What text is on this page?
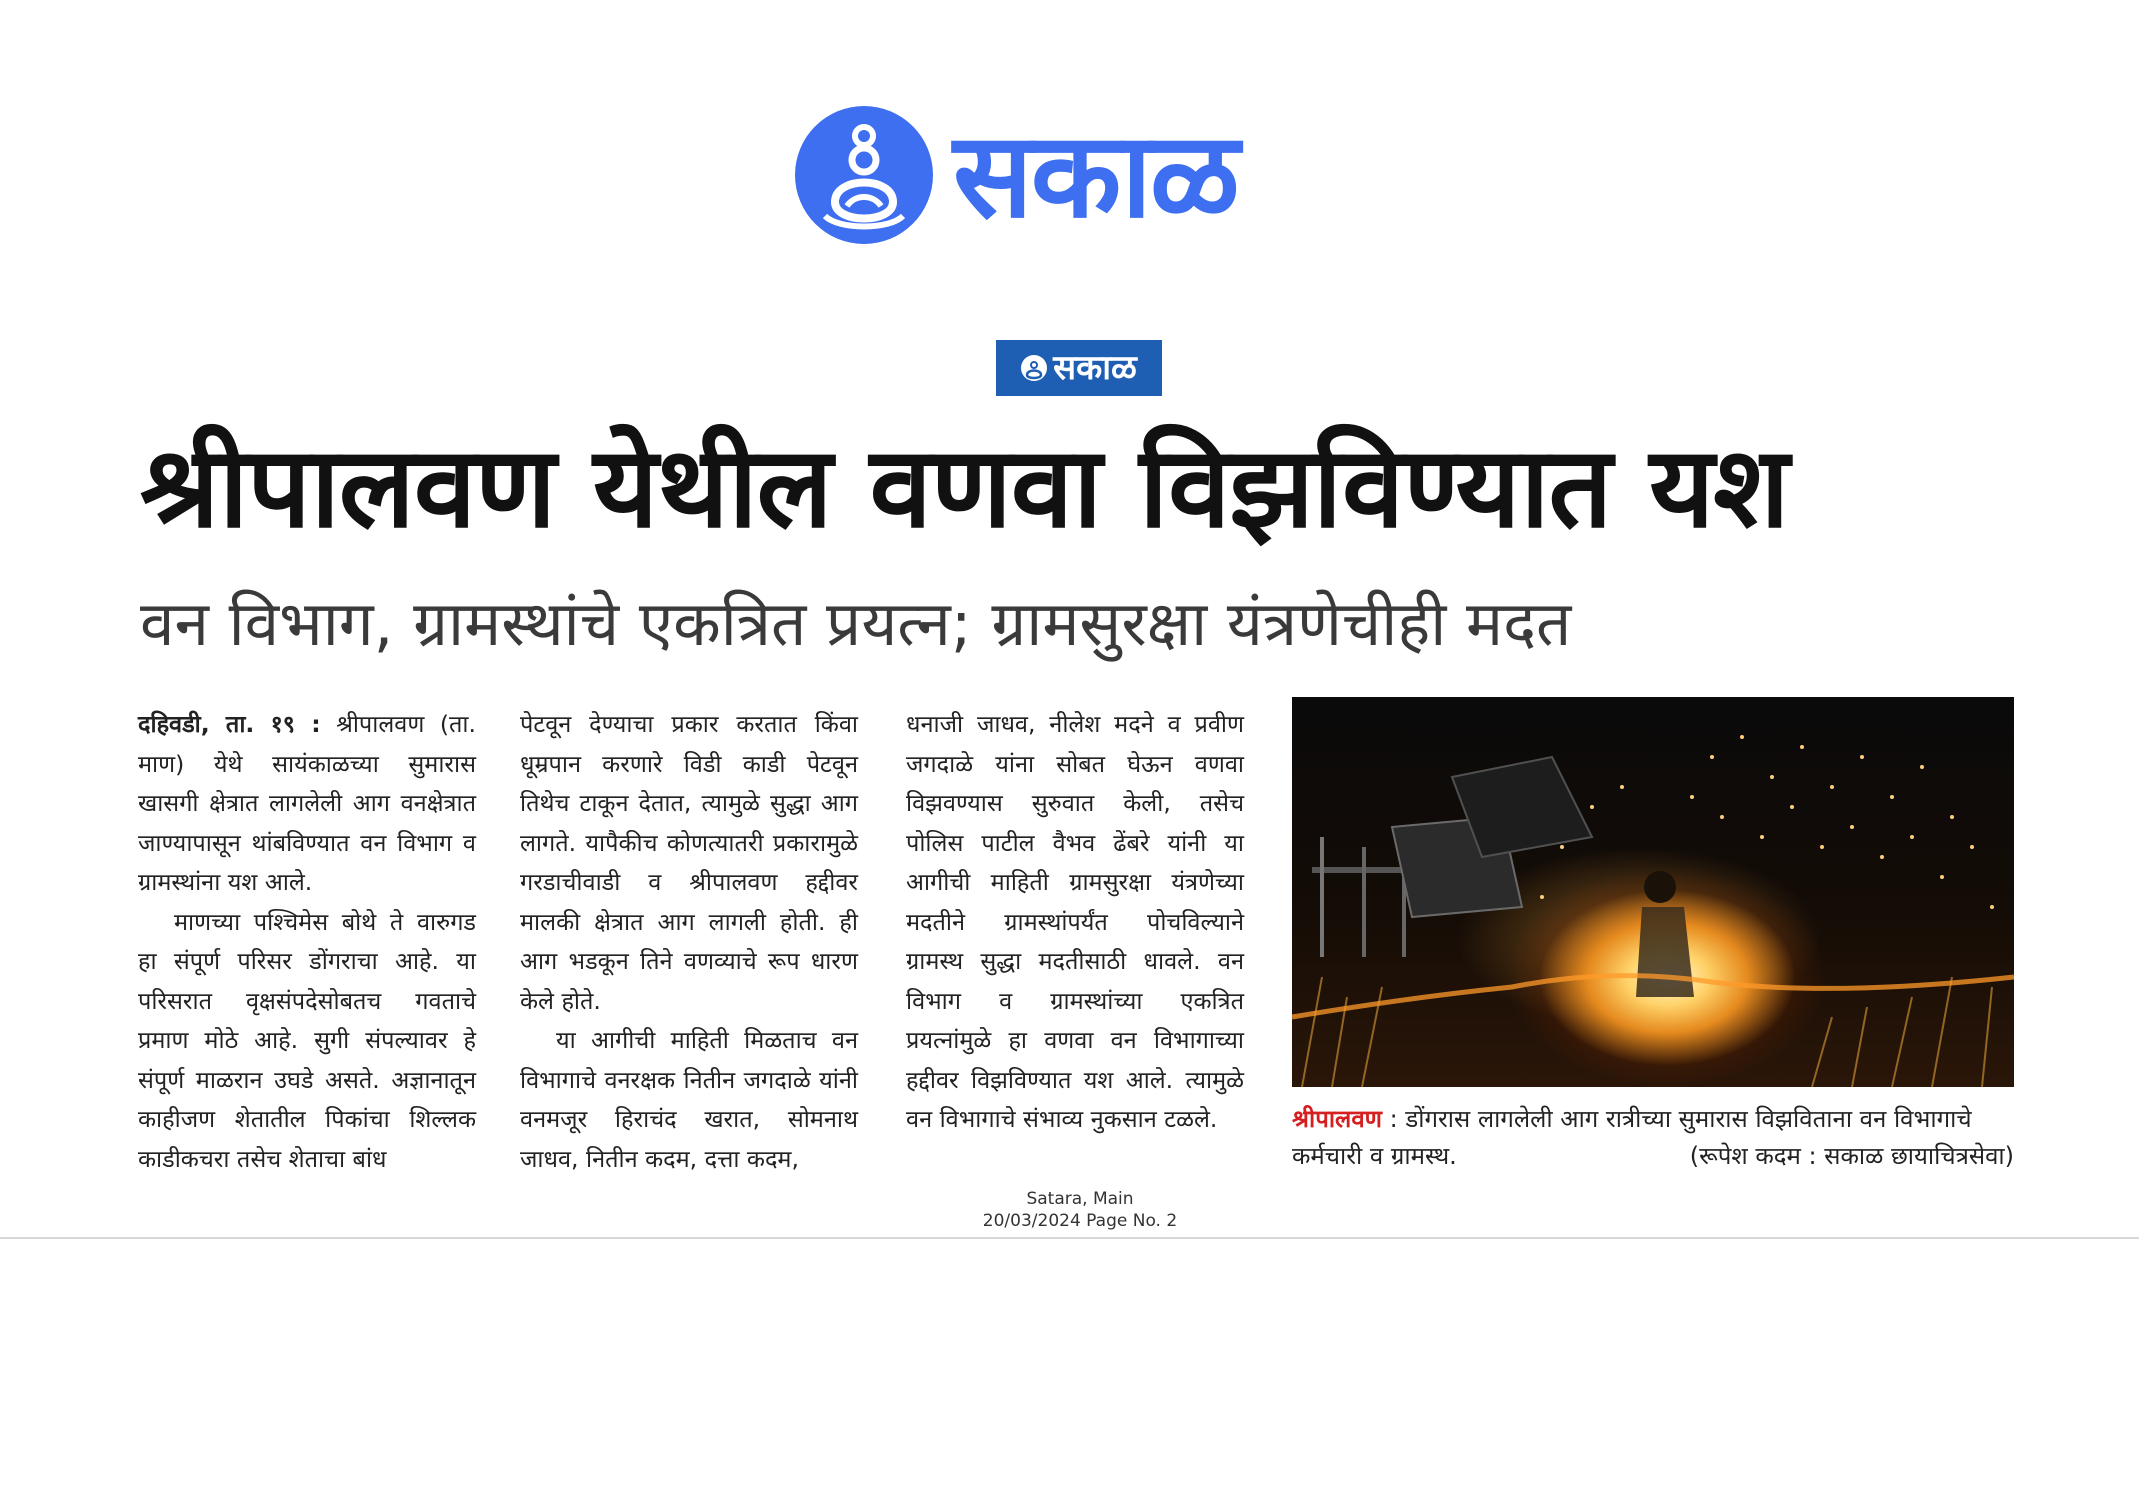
सकाळ
सकाळ
श्रीपालवण येथील वणवा विझविण्यात यश
वन विभाग, ग्रामस्थांचे एकत्रित प्रयत्न; ग्रामसुरक्षा यंत्रणेचीही मदत

दहिवडी, ता. १९ : श्रीपालवण (ता. माण) येथे सायंकाळच्या सुमारास खासगी क्षेत्रात लागलेली आग वनक्षेत्रात जाण्यापासून थांबविण्यात वन विभाग व ग्रामस्थांना यश आले.

माणच्या पश्चिमेस बोथे ते वारुगड हा संपूर्ण परिसर डोंगराचा आहे. या परिसरात वृक्षसंपदेसोबतच गवताचे प्रमाण मोठे आहे. सुगी संपल्यावर हे संपूर्ण माळरान उघडे असते. अज्ञानातून काहीजण शेतातील पिकांचा शिल्लक काडीकचरा तसेच शेताचा बांध

पेटवून देण्याचा प्रकार करतात किंवा धूम्रपान करणारे विडी काडी पेटवून तिथेच टाकून देतात, त्यामुळे सुद्धा आग लागते. यापैकीच कोणत्यातरी प्रकारामुळे गरडाचीवाडी व श्रीपालवण हद्दीवर मालकी क्षेत्रात आग लागली होती. ही आग भडकून तिने वणव्याचे रूप धारण केले होते.

या आगीची माहिती मिळताच वन विभागाचे वनरक्षक नितीन जगदाळे यांनी वनमजूर हिराचंद खरात, सोमनाथ जाधव, नितीन कदम, दत्ता कदम,

धनाजी जाधव, नीलेश मदने व प्रवीण जगदाळे यांना सोबत घेऊन वणवा विझवण्यास सुरुवात केली, तसेच पोलिस पाटील वैभव ढेंबरे यांनी या आगीची माहिती ग्रामसुरक्षा यंत्रणेच्या मदतीने ग्रामस्थांपर्यंत पोचविल्याने ग्रामस्थ सुद्धा मदतीसाठी धावले. वन विभाग व ग्रामस्थांच्या एकत्रित प्रयत्नांमुळे हा वणवा वन विभागाच्या हद्दीवर विझविण्यात यश आले. त्यामुळे वन विभागाचे संभाव्य नुकसान टळले.	श्रीपालवण : डोंगरास लागलेली आग रात्रीच्या सुमारास विझविताना वन विभागाचे कर्मचारी व ग्रामस्थ.	(रूपेश कदम : सकाळ छायाचित्रसेवा)
Satara, Main
20/03/2024 Page No. 2
